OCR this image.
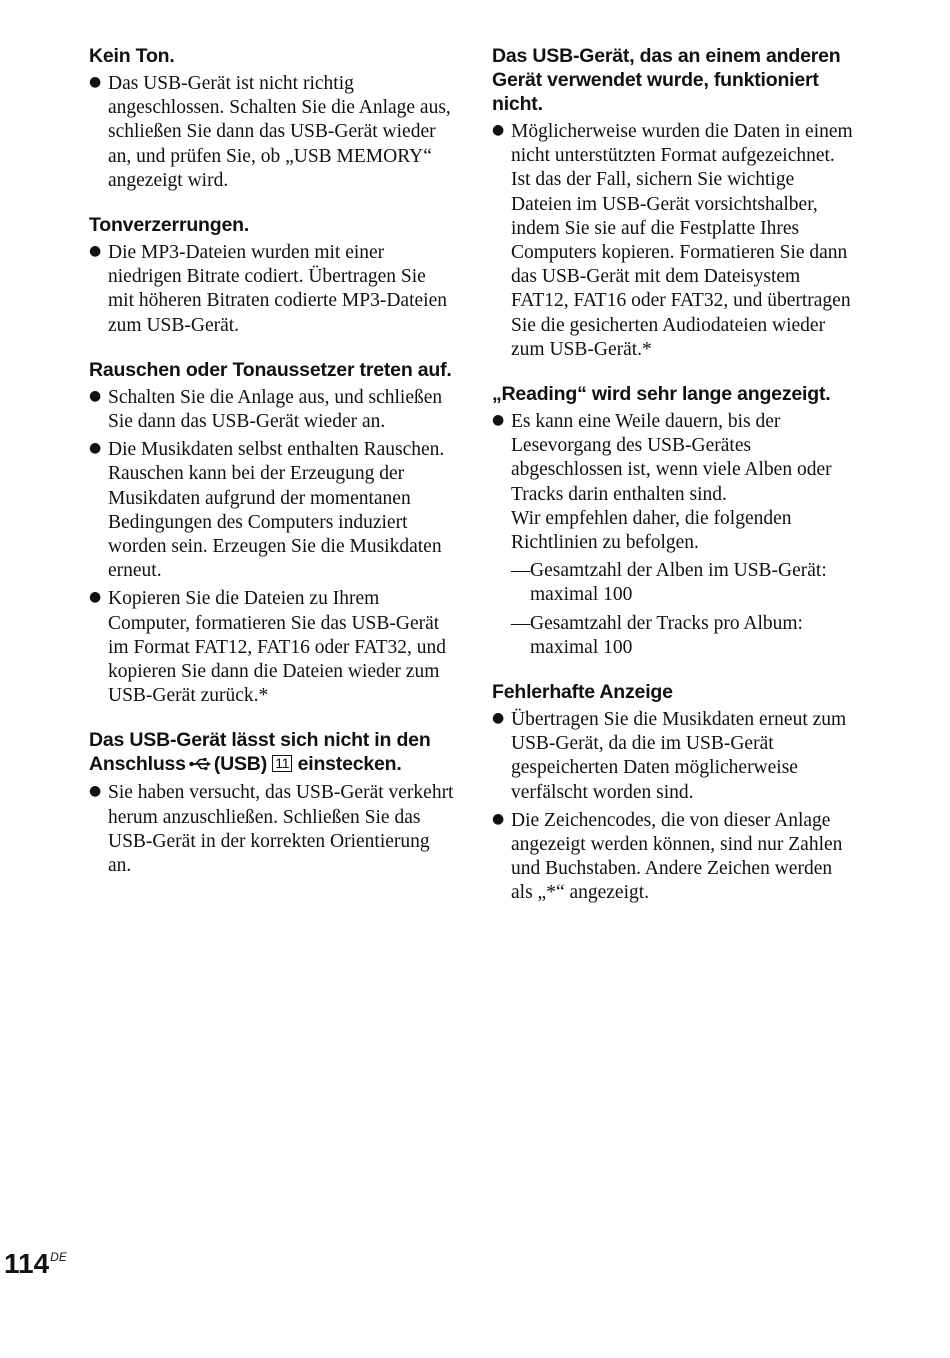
Kein Ton.
● Das USB-Gerät ist nicht richtig angeschlossen. Schalten Sie die Anlage aus, schließen Sie dann das USB-Gerät wieder an, und prüfen Sie, ob „USB MEMORY“ angezeigt wird.
Tonverzerrungen.
● Die MP3-Dateien wurden mit einer niedrigen Bitrate codiert. Übertragen Sie mit höheren Bitraten codierte MP3-Dateien zum USB-Gerät.
Rauschen oder Tonaussetzer treten auf.
● Schalten Sie die Anlage aus, und schließen Sie dann das USB-Gerät wieder an.
● Die Musikdaten selbst enthalten Rauschen. Rauschen kann bei der Erzeugung der Musikdaten aufgrund der momentanen Bedingungen des Computers induziert worden sein. Erzeugen Sie die Musikdaten erneut.
● Kopieren Sie die Dateien zu Ihrem Computer, formatieren Sie das USB-Gerät im Format FAT12, FAT16 oder FAT32, und kopieren Sie dann die Dateien wieder zum USB-Gerät zurück.*
Das USB-Gerät lässt sich nicht in den Anschluss (USB) 11 einstecken.
● Sie haben versucht, das USB-Gerät verkehrt herum anzuschließen. Schließen Sie das USB-Gerät in der korrekten Orientierung an.
Das USB-Gerät, das an einem anderen Gerät verwendet wurde, funktioniert nicht.
● Möglicherweise wurden die Daten in einem nicht unterstützten Format aufgezeichnet. Ist das der Fall, sichern Sie wichtige Dateien im USB-Gerät vorsichtshalber, indem Sie sie auf die Festplatte Ihres Computers kopieren. Formatieren Sie dann das USB-Gerät mit dem Dateisystem FAT12, FAT16 oder FAT32, und übertragen Sie die gesicherten Audiodateien wieder zum USB-Gerät.*
„Reading“ wird sehr lange angezeigt.
● Es kann eine Weile dauern, bis der Lesevorgang des USB-Gerätes abgeschlossen ist, wenn viele Alben oder Tracks darin enthalten sind.
Wir empfehlen daher, die folgenden Richtlinien zu befolgen.
— Gesamtzahl der Alben im USB-Gerät: maximal 100
— Gesamtzahl der Tracks pro Album: maximal 100
Fehlerhafte Anzeige
● Übertragen Sie die Musikdaten erneut zum USB-Gerät, da die im USB-Gerät gespeicherten Daten möglicherweise verfälscht worden sind.
● Die Zeichencodes, die von dieser Anlage angezeigt werden können, sind nur Zahlen und Buchstaben. Andere Zeichen werden als „*“ angezeigt.
114DE
